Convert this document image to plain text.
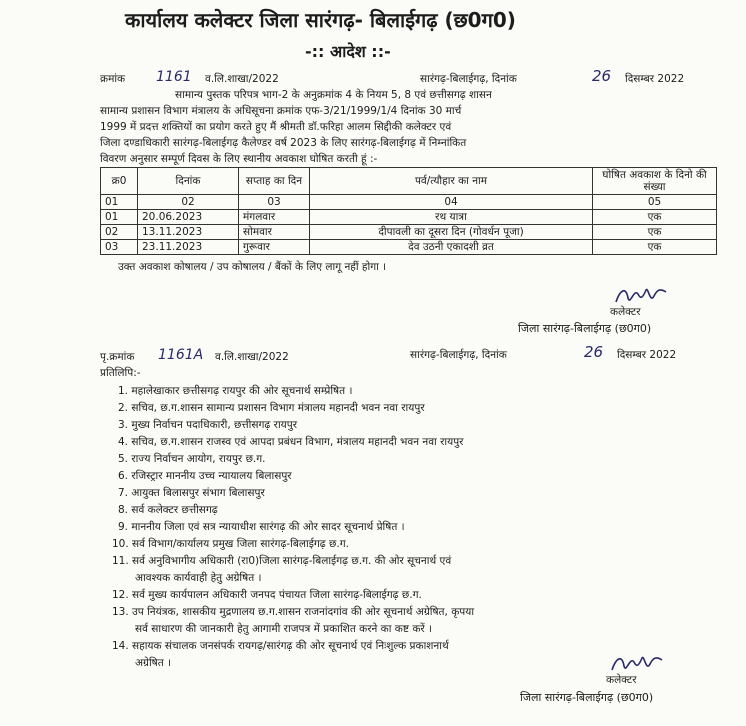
कार्यालय कलेक्टर जिला सारंगढ़- बिलाईगढ़ (छ0ग0)
-:: आदेश ::-
क्रमांक 1161 व.लि.शाखा/2022	सारंगढ़-बिलाईगढ़, दिनांक	26 दिसम्बर 2022
सामान्य पुस्तक परिपत्र भाग-2 के अनुक्रमांक 4 के नियम 5, 8 एवं छत्तीसगढ़ शासन
सामान्य प्रशासन विभाग मंत्रालय के अधिसूचना क्रमांक एफ-3/21/1999/1/4 दिनांक 30 मार्च
1999 में प्रदत्त शक्तियों का प्रयोग करते हुए मैं श्रीमती डॉ.फरिहा आलम सिद्दीकी कलेक्टर एवं
जिला दण्डाधिकारी सारंगढ़-बिलाईगढ़ कैलेण्डर वर्ष 2023 के लिए सारंगढ़-बिलाईगढ़ में निम्नांकित
विवरण अनुसार सम्पूर्ण दिवस के लिए स्थानीय अवकाश घोषित करती हूं :-
क्र0	दिनांक	सप्ताह का दिन	पर्व/त्यौहार का नाम	घोषित अवकाश के दिनो की संख्या
01	02	03	04	05
01	20.06.2023	मंगलवार	रथ यात्रा	एक
02	13.11.2023	सोमवार	दीपावली का दूसरा दिन (गोवर्धन पूजा)	एक
03	23.11.2023	गुरूवार	देव उठनी एकादशी व्रत	एक
उक्त अवकाश कोषालय / उप कोषालय / बैंकों के लिए लागू नहीं होगा ।
कलेक्टर
जिला सारंगढ़-बिलाईगढ़ (छ0ग0)
पृ.क्रमांक 1161A व.लि.शाखा/2022	सारंगढ़-बिलाईगढ़, दिनांक	26 दिसम्बर 2022
प्रतिलिपि:-
1. महालेखाकार छत्तीसगढ़ रायपुर की ओर सूचनार्थ सम्प्रेषित ।
2. सचिव, छ.ग.शासन सामान्य प्रशासन विभाग मंत्रालय महानदी भवन नवा रायपुर
3. मुख्य निर्वाचन पदाधिकारी, छत्तीसगढ़ रायपुर
4. सचिव, छ.ग.शासन राजस्व एवं आपदा प्रबंधन विभाग, मंत्रालय महानदी भवन नवा रायपुर
5. राज्य निर्वाचन आयोग, रायपुर छ.ग.
6. रजिस्ट्रार माननीय उच्च न्यायालय बिलासपुर
7. आयुक्त बिलासपुर संभाग बिलासपुर
8. सर्व कलेक्टर छत्तीसगढ़
9. माननीय जिला एवं सत्र न्यायाधीश सारंगढ़ की ओर सादर सूचनार्थ प्रेषित ।
10. सर्व विभाग/कार्यालय प्रमुख जिला सारंगढ़-बिलाईगढ़ छ.ग.
11. सर्व अनुविभागीय अधिकारी (रा0)जिला सारंगढ़-बिलाईगढ़ छ.ग. की ओर सूचनार्थ एवं
आवश्यक कार्यवाही हेतु अग्रेषित ।
12. सर्व मुख्य कार्यपालन अधिकारी जनपद पंचायत जिला सारंगढ़-बिलाईगढ़ छ.ग.
13. उप नियंत्रक, शासकीय मुद्रणालय छ.ग.शासन राजनांदगांव की ओर सूचनार्थ अग्रेषित, कृपया
सर्व साधारण की जानकारी हेतु आगामी राजपत्र में प्रकाशित करने का कष्ट करें ।
14. सहायक संचालक जनसंपर्क रायगढ़/सारंगढ़ की ओर सूचनार्थ एवं निःशुल्क प्रकाशनार्थ
अग्रेषित ।
कलेक्टर
जिला सारंगढ़-बिलाईगढ़ (छ0ग0)
